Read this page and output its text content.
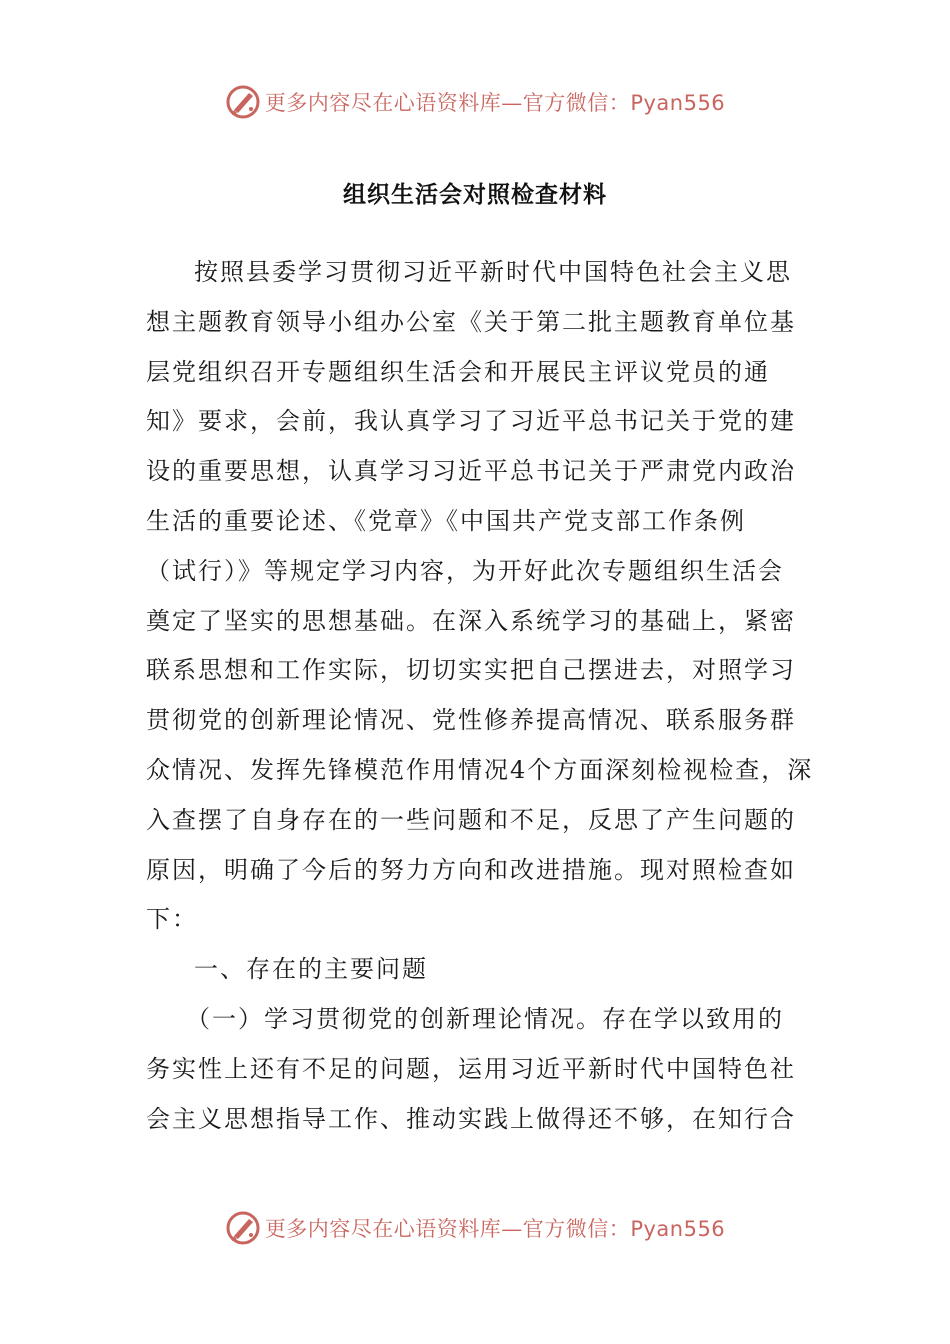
更多内容尽在心语资料库—官方微信：Pyan556
组织生活会对照检查材料
按照县委学习贯彻习近平新时代中国特色社会主义思
想主题教育领导小组办公室《关于第二批主题教育单位基
层党组织召开专题组织生活会和开展民主评议党员的通
知》要求，会前，我认真学习了习近平总书记关于党的建
设的重要思想，认真学习习近平总书记关于严肃党内政治
生活的重要论述、《党章》《中国共产党支部工作条例
（试行）》等规定学习内容，为开好此次专题组织生活会
奠定了坚实的思想基础。在深入系统学习的基础上，紧密
联系思想和工作实际，切切实实把自己摆进去，对照学习
贯彻党的创新理论情况、党性修养提高情况、联系服务群
众情况、发挥先锋模范作用情况4个方面深刻检视检查，深
入查摆了自身存在的一些问题和不足，反思了产生问题的
原因，明确了今后的努力方向和改进措施。现对照检查如
下：
一、存在的主要问题
（一）学习贯彻党的创新理论情况。存在学以致用的
务实性上还有不足的问题，运用习近平新时代中国特色社
会主义思想指导工作、推动实践上做得还不够，在知行合
更多内容尽在心语资料库—官方微信：Pyan556
